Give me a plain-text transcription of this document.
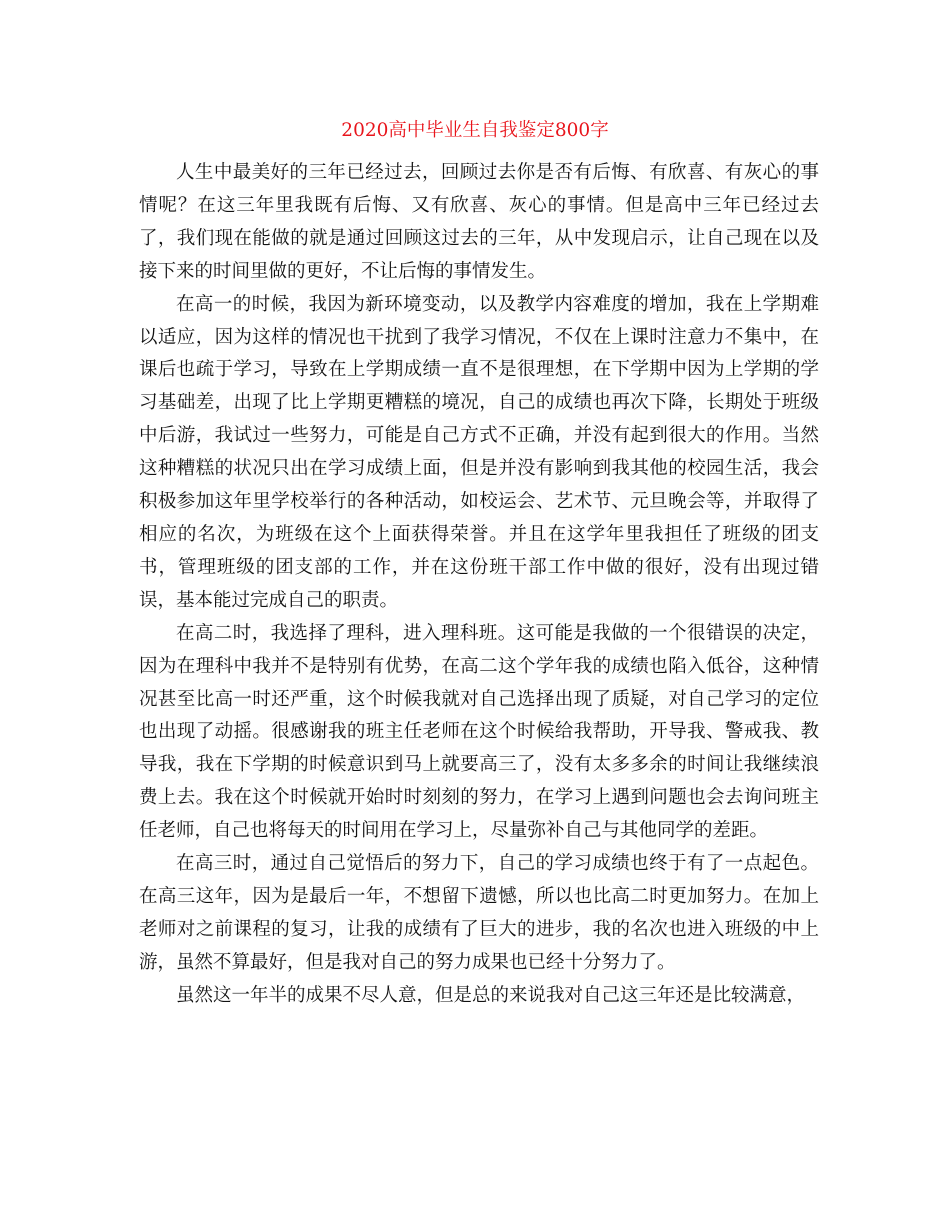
2020高中毕业生自我鉴定800字

人生中最美好的三年已经过去，回顾过去你是否有后悔、有欣喜、有灰心的事情呢？在这三年里我既有后悔、又有欣喜、灰心的事情。但是高中三年已经过去了，我们现在能做的就是通过回顾这过去的三年，从中发现启示，让自己现在以及接下来的时间里做的更好，不让后悔的事情发生。

在高一的时候，我因为新环境变动，以及教学内容难度的增加，我在上学期难以适应，因为这样的情况也干扰到了我学习情况，不仅在上课时注意力不集中，在课后也疏于学习，导致在上学期成绩一直不是很理想，在下学期中因为上学期的学习基础差，出现了比上学期更糟糕的境况，自己的成绩也再次下降，长期处于班级中后游，我试过一些努力，可能是自己方式不正确，并没有起到很大的作用。当然这种糟糕的状况只出在学习成绩上面，但是并没有影响到我其他的校园生活，我会积极参加这年里学校举行的各种活动，如校运会、艺术节、元旦晚会等，并取得了相应的名次，为班级在这个上面获得荣誉。并且在这学年里我担任了班级的团支书，管理班级的团支部的工作，并在这份班干部工作中做的很好，没有出现过错误，基本能过完成自己的职责。

在高二时，我选择了理科，进入理科班。这可能是我做的一个很错误的决定，因为在理科中我并不是特别有优势，在高二这个学年我的成绩也陷入低谷，这种情况甚至比高一时还严重，这个时候我就对自己选择出现了质疑，对自己学习的定位也出现了动摇。很感谢我的班主任老师在这个时候给我帮助，开导我、警戒我、教导我，我在下学期的时候意识到马上就要高三了，没有太多多余的时间让我继续浪费上去。我在这个时候就开始时时刻刻的努力，在学习上遇到问题也会去询问班主任老师，自己也将每天的时间用在学习上，尽量弥补自己与其他同学的差距。

在高三时，通过自己觉悟后的努力下，自己的学习成绩也终于有了一点起色。在高三这年，因为是最后一年，不想留下遗憾，所以也比高二时更加努力。在加上老师对之前课程的复习，让我的成绩有了巨大的进步，我的名次也进入班级的中上游，虽然不算最好，但是我对自己的努力成果也已经十分努力了。

虽然这一年半的成果不尽人意，但是总的来说我对自己这三年还是比较满意，
